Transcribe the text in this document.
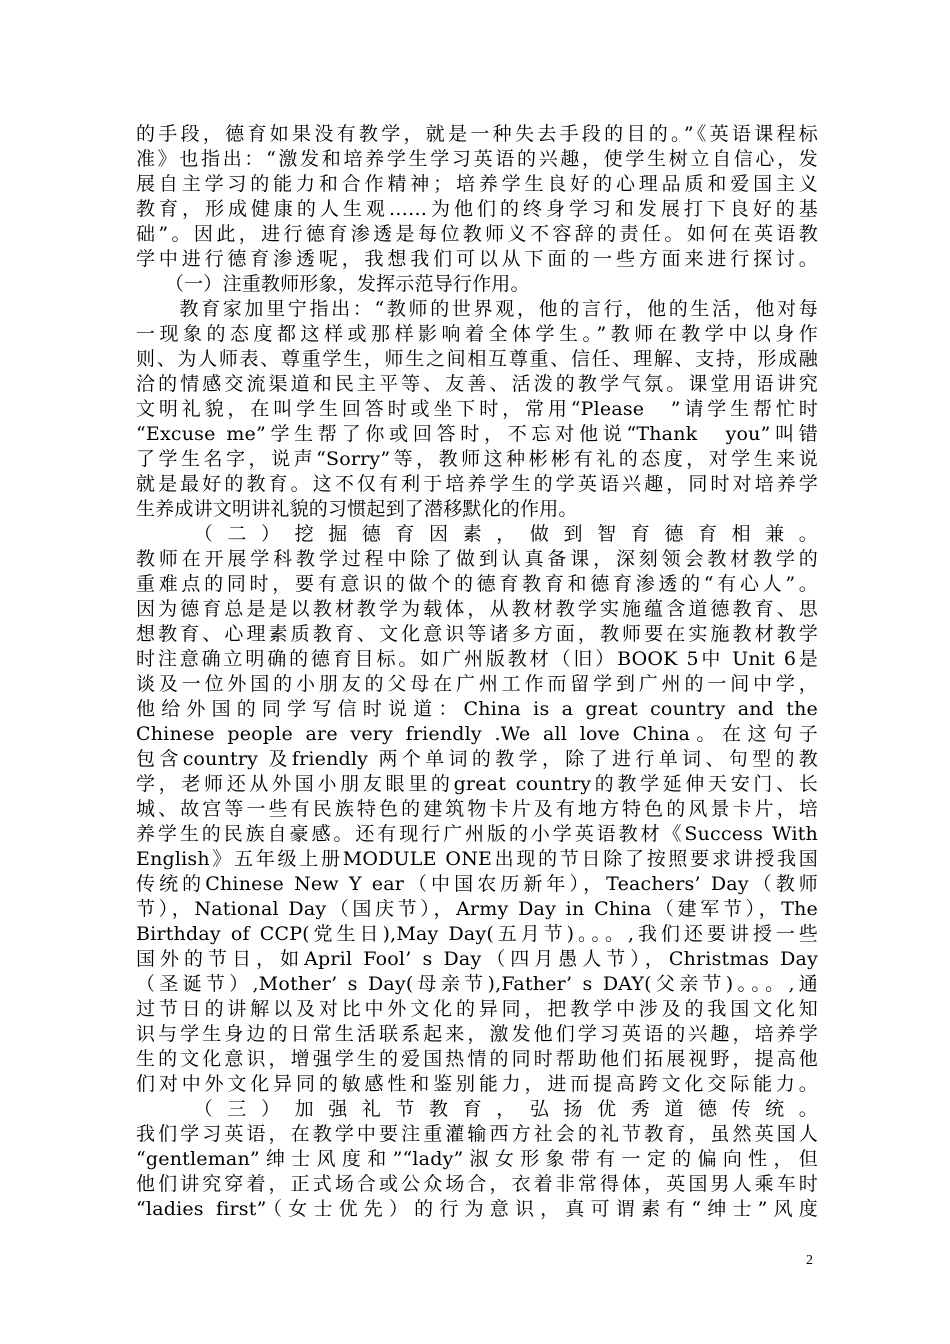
的手段，德育如果没有教学，就是一种失去手段的目的。”《英语课程标
准》也指出：“激发和培养学生学习英语的兴趣，使学生树立自信心，发
展自主学习的能力和合作精神；培养学生良好的心理品质和爱国主义
教育，形成健康的人生观……为他们的终身学习和发展打下良好的基
础”。因此，进行德育渗透是每位教师义不容辞的责任。如何在英语教
学中进行德育渗透呢，我想我们可以从下面的一些方面来进行探讨。
　　（一）注重教师形象，发挥示范导行作用。
　　教育家加里宁指出：“教师的世界观，他的言行，他的生活，他对每
一现象的态度都这样或那样影响着全体学生。”教师在教学中以身作
则、为人师表、尊重学生，师生之间相互尊重、信任、理解、支持，形成融
洽的情感交流渠道和民主平等、友善、活泼的教学气氛。课堂用语讲究
文明礼貌，在叫学生回答时或坐下时，常用“Please　”请学生帮忙时
“Excuse me”学生帮了你或回答时，不忘对他说“Thank　you”叫错
了学生名字，说声“Sorry”等，教师这种彬彬有礼的态度，对学生来说
就是最好的教育。这不仅有利于培养学生的学英语兴趣，同时对培养学
生养成讲文明讲礼貌的习惯起到了潜移默化的作用。
　　（二）挖掘德育因素，做到智育德育相兼。
教师在开展学科教学过程中除了做到认真备课，深刻领会教材教学的
重难点的同时，要有意识的做个的德育教育和德育渗透的“有心人”。
因为德育总是是以教材教学为载体，从教材教学实施蕴含道德教育、思
想教育、心理素质教育、文化意识等诸多方面，教师要在实施教材教学
时注意确立明确的德育目标。如广州版教材（旧）BOOK 5中 Unit 6是
谈及一位外国的小朋友的父母在广州工作而留学到广州的一间中学，
他给外国的同学写信时说道：China is a great country and the
Chinese people are very friendly .We all love China。在这句子
包含country 及friendly 两个单词的教学，除了进行单词、句型的教
学，老师还从外国小朋友眼里的great country的教学延伸天安门、长
城、故宫等一些有民族特色的建筑物卡片及有地方特色的风景卡片，培
养学生的民族自豪感。还有现行广州版的小学英语教材《Success With
English》五年级上册MODULE ONE出现的节日除了按照要求讲授我国
传统的Chinese New Y ear（中国农历新年），Teachers’ Day（教师
节），National Day（国庆节），Army Day in China（建军节），The
Birthday of CCP(党生日),May Day(五月节)。。。,我们还要讲授一些
国外的节日，如April Fool’ s Day（四月愚人节），Christmas Day
（圣诞节）,Mother’ s Day(母亲节),Father’ s DAY(父亲节)。。。,通
过节日的讲解以及对比中外文化的异同，把教学中涉及的我国文化知
识与学生身边的日常生活联系起来，激发他们学习英语的兴趣，培养学
生的文化意识，增强学生的爱国热情的同时帮助他们拓展视野，提高他
们对中外文化异同的敏感性和鉴别能力，进而提高跨文化交际能力。
　　（三）加强礼节教育，弘扬优秀道德传统。
我们学习英语，在教学中要注重灌输西方社会的礼节教育，虽然英国人
“gentleman”绅士风度和”“lady”淑女形象带有一定的偏向性，但
他们讲究穿着，正式场合或公众场合，衣着非常得体，英国男人乘车时
“ladies first”（女士优先）的行为意识，真可谓素有“绅士”风度
2
